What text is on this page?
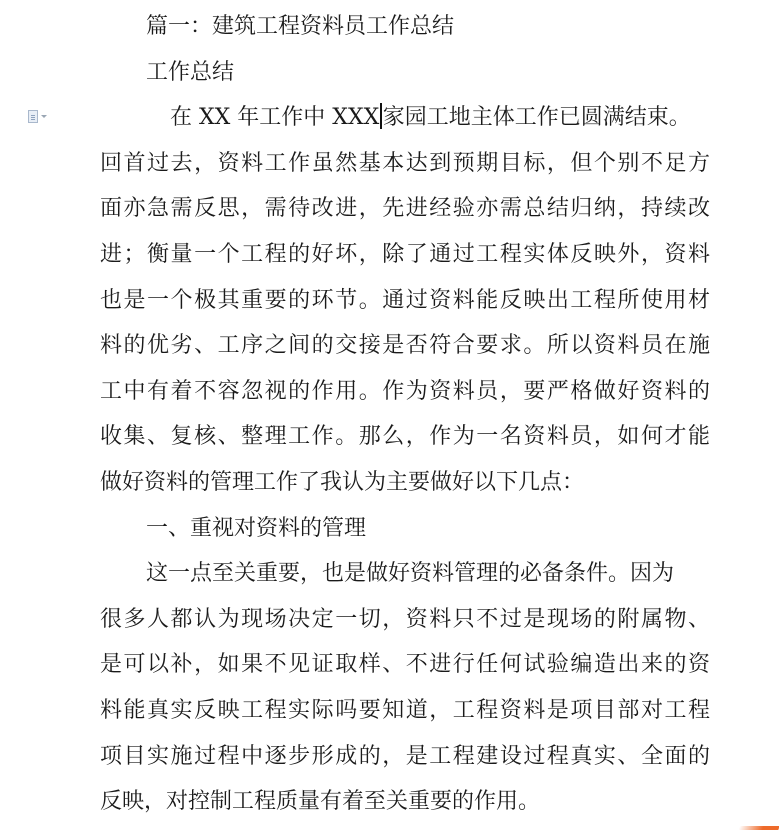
篇一：建筑工程资料员工作总结
工作总结
在 XX 年工作中 XXX 家园工地主体工作已圆满结束。
回首过去，资料工作虽然基本达到预期目标，但个别不足方
面亦急需反思，需待改进，先进经验亦需总结归纳，持续改
进；衡量一个工程的好坏，除了通过工程实体反映外，资料
也是一个极其重要的环节。通过资料能反映出工程所使用材
料的优劣、工序之间的交接是否符合要求。所以资料员在施
工中有着不容忽视的作用。作为资料员，要严格做好资料的
收集、复核、整理工作。那么，作为一名资料员，如何才能
做好资料的管理工作了我认为主要做好以下几点：
一、重视对资料的管理
这一点至关重要，也是做好资料管理的必备条件。因为
很多人都认为现场决定一切，资料只不过是现场的附属物、
是可以补，如果不见证取样、不进行任何试验编造出来的资
料能真实反映工程实际吗要知道，工程资料是项目部对工程
项目实施过程中逐步形成的，是工程建设过程真实、全面的
反映，对控制工程质量有着至关重要的作用。
